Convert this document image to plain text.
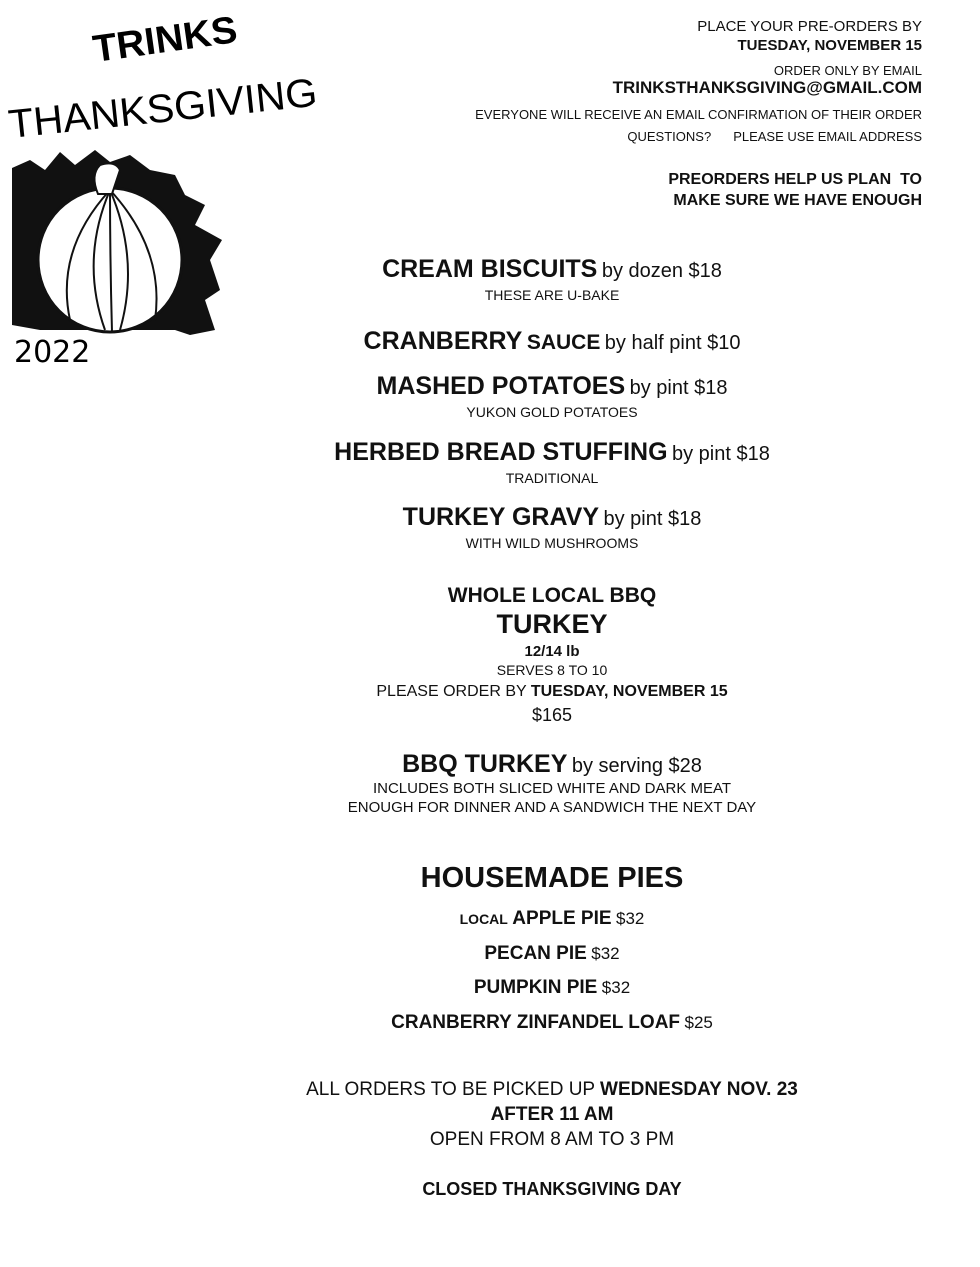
TRINKS
THANKSGIVING
2022
PLACE YOUR PRE-ORDERS BY
TUESDAY, NOVEMBER 15
ORDER ONLY BY EMAIL
TRINKSTHANKSGIVING@GMAIL.COM
EVERYONE WILL RECEIVE AN EMAIL CONFIRMATION OF THEIR ORDER
QUESTIONS? PLEASE USE EMAIL ADDRESS
PREORDERS HELP US PLAN  TO
MAKE SURE WE HAVE ENOUGH
CREAM BISCUITS by dozen $18
THESE ARE U-BAKE
CRANBERRY SAUCE by half pint $10
MASHED POTATOES by pint $18
YUKON GOLD POTATOES
HERBED BREAD STUFFING by pint $18
TRADITIONAL
TURKEY GRAVY by pint $18
WITH WILD MUSHROOMS
WHOLE LOCAL BBQ
TURKEY
12/14 lb
SERVES 8 TO 10
PLEASE ORDER BY TUESDAY, NOVEMBER 15
$165
BBQ TURKEY by serving $28
INCLUDES BOTH SLICED WHITE AND DARK MEAT
ENOUGH FOR DINNER AND A SANDWICH THE NEXT DAY
HOUSEMADE PIES
LOCAL APPLE PIE $32
PECAN PIE $32
PUMPKIN PIE $32
CRANBERRY ZINFANDEL LOAF $25
ALL ORDERS TO BE PICKED UP WEDNESDAY NOV. 23
AFTER 11 AM
OPEN FROM 8 AM TO 3 PM
CLOSED THANKSGIVING DAY
